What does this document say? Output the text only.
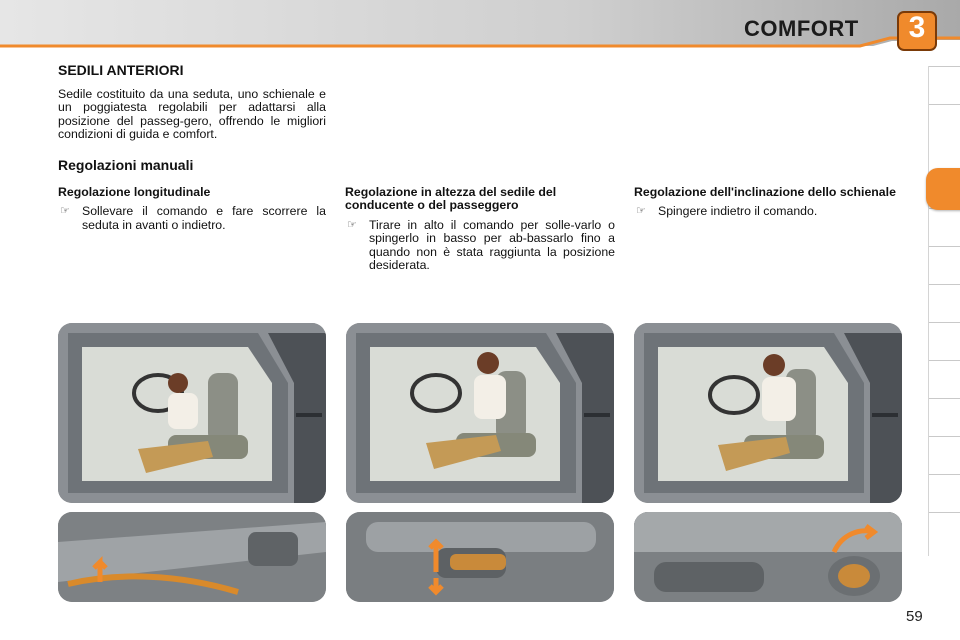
COMFORT	3
SEDILI ANTERIORI
Sedile costituito da una seduta, uno schienale e un poggiatesta regolabili per adattarsi alla posizione del passeg-gero, offrendo le migliori condizioni di guida e comfort.
Regolazioni manuali
Regolazione longitudinale
☞ Sollevare il comando e fare scorrere la seduta in avanti o indietro.
Regolazione in altezza del sedile del conducente o del passeggero
☞ Tirare in alto il comando per solle-varlo o spingerlo in basso per ab-bassarlo fino a quando non è stata raggiunta la posizione desiderata.
Regolazione dell'inclinazione dello schienale
☞ Spingere indietro il comando.
59
